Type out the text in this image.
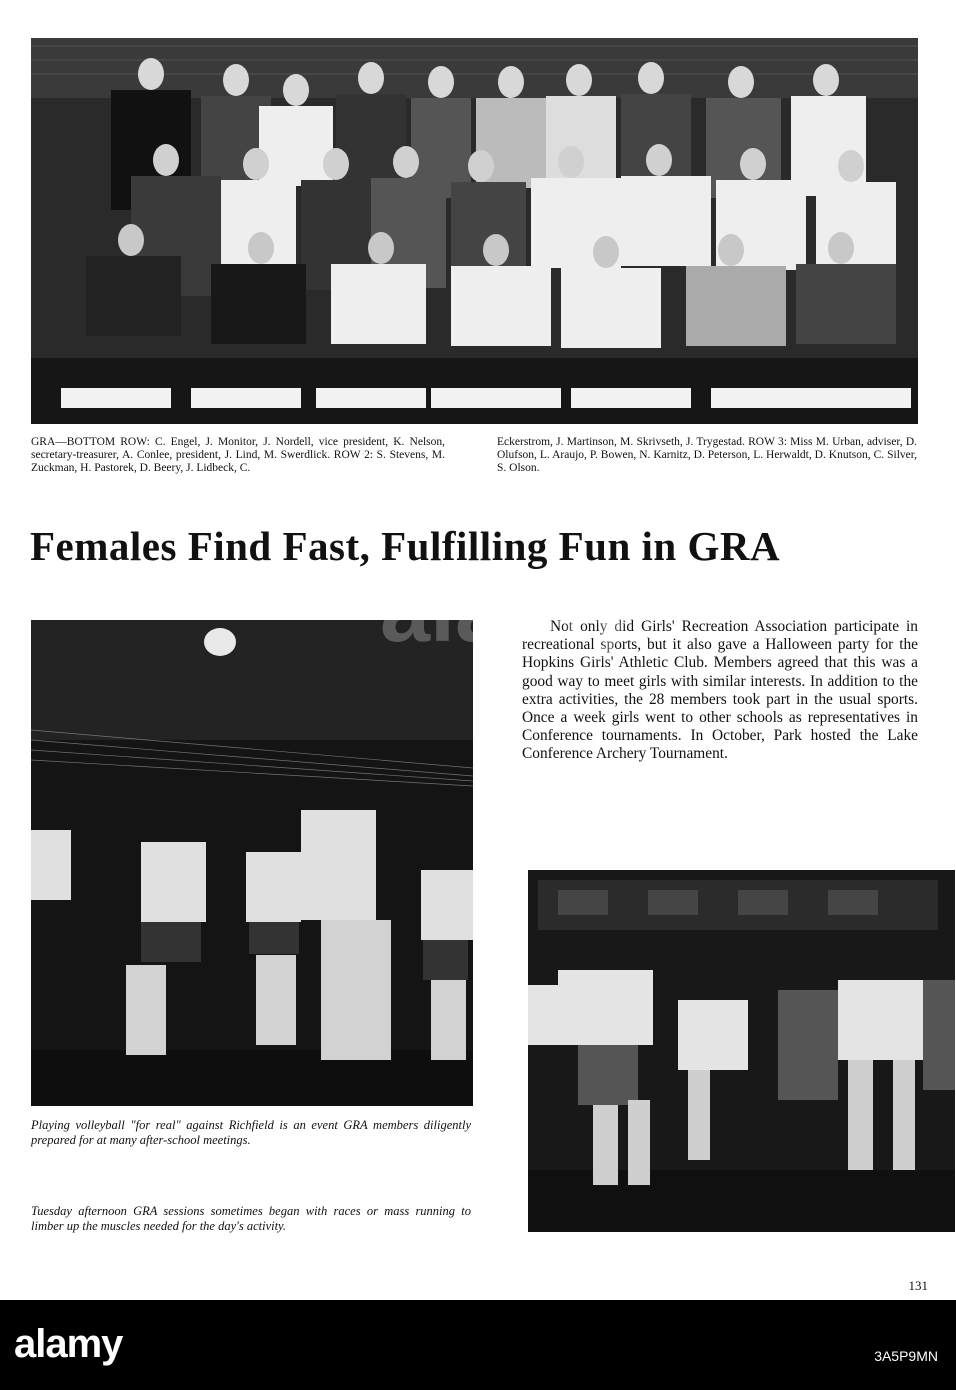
GRA—BOTTOM ROW: C. Engel, J. Monitor, J. Nordell, vice president, K. Nelson, secretary-treasurer, A. Conlee, president, J. Lind, M. Swerdlick. ROW 2: S. Stevens, M. Zuckman, H. Pastorek, D. Beery, J. Lidbeck, C.
Eckerstrom, J. Martinson, M. Skrivseth, J. Trygestad. ROW 3: Miss M. Urban, adviser, D. Olufson, L. Araujo, P. Bowen, N. Karnitz, D. Peterson, L. Herwaldt, D. Knutson, C. Silver, S. Olson.
Females Find Fast, Fulfilling Fun in GRA
Not only did Girls' Recreation Association participate in recreational sports, but it also gave a Halloween party for the Hopkins Girls' Athletic Club. Members agreed that this was a good way to meet girls with similar interests. In addition to the extra activities, the 28 members took part in the usual sports. Once a week girls went to other schools as representatives in Conference tournaments. In October, Park hosted the Lake Conference Archery Tournament.
Playing volleyball "for real" against Richfield is an event GRA members diligently prepared for at many after-school meetings.
Tuesday afternoon GRA sessions sometimes began with races or mass running to limber up the muscles needed for the day's activity.
131
alamy
alamy	3A5P9MN
